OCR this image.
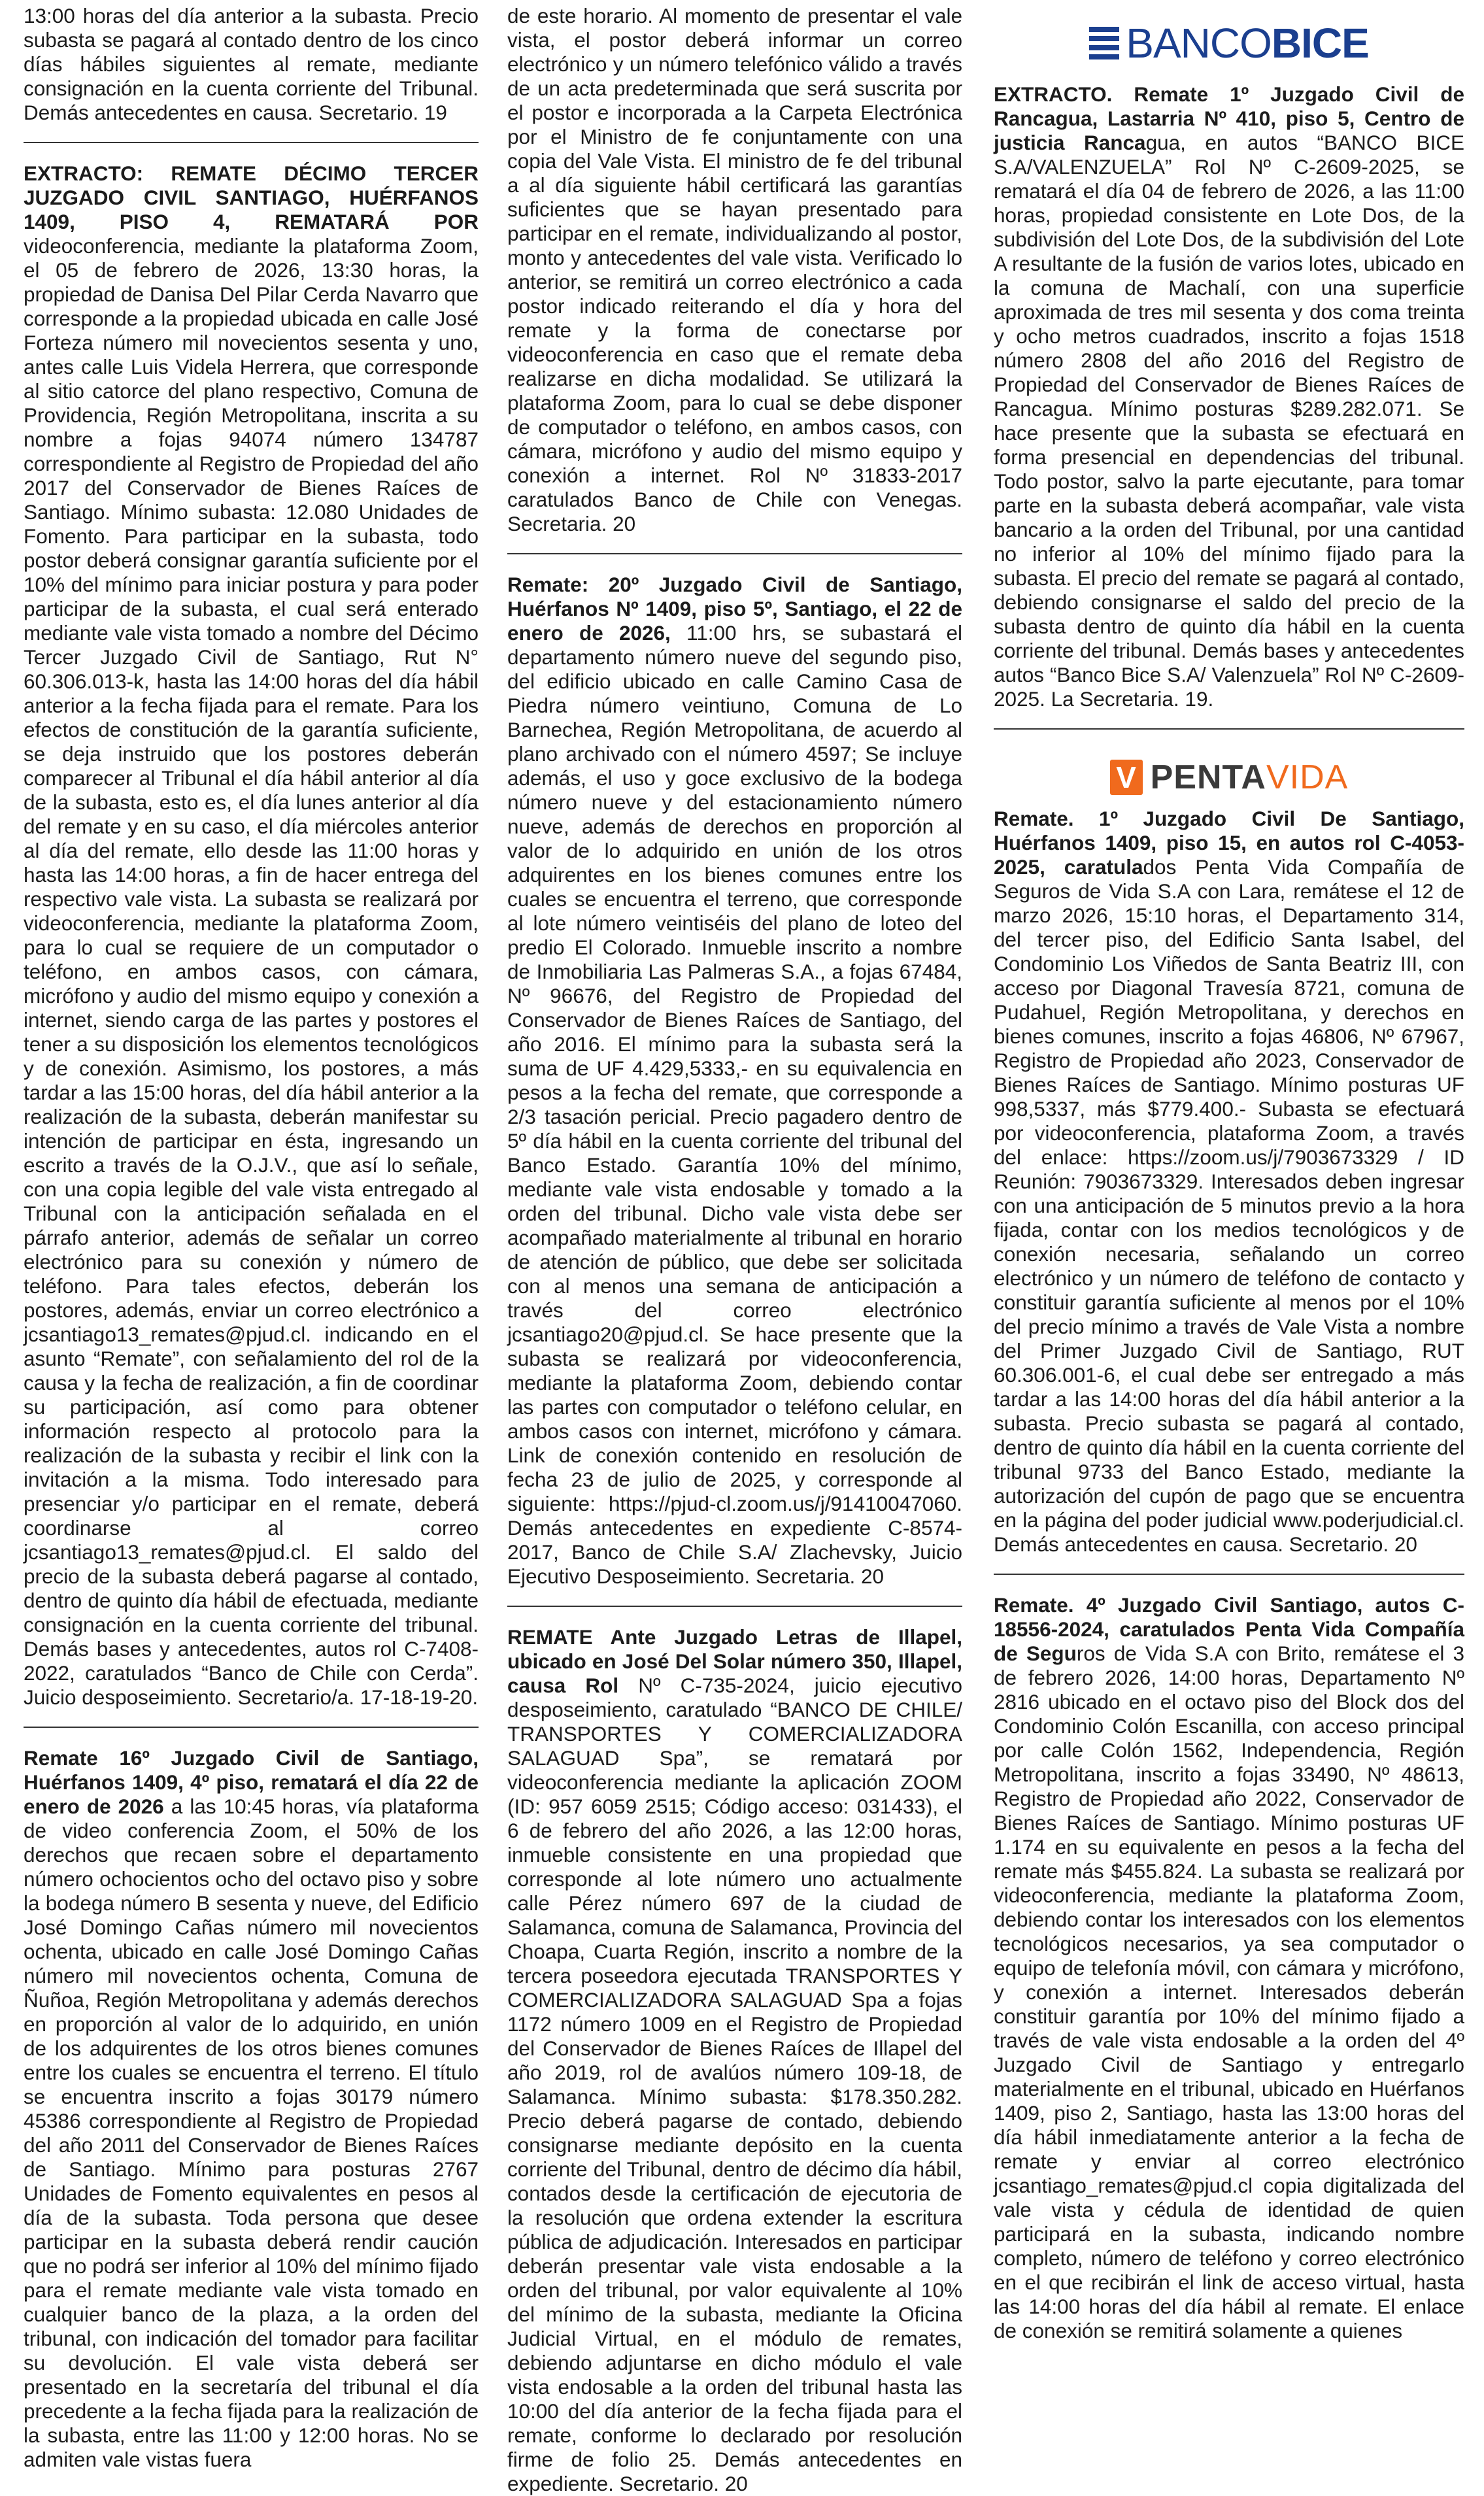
13:00 horas del día anterior a la subasta. Precio subasta se pagará al contado dentro de los cinco días hábiles siguientes al remate, mediante consignación en la cuenta corriente del Tribunal. Demás antecedentes en causa. Secretario. 19

EXTRACTO: REMATE DÉCIMO TERCER JUZGADO CIVIL SANTIAGO, HUÉRFANOS 1409, PISO 4, REMATARÁ POR videoconferencia, mediante la plataforma Zoom, el 05 de febrero de 2026, 13:30 horas, la propiedad de Danisa Del Pilar Cerda Navarro que corresponde a la propiedad ubicada en calle José Forteza número mil novecientos sesenta y uno, antes calle Luis Videla Herrera, que corresponde al sitio catorce del plano respectivo, Comuna de Providencia, Región Metropolitana, inscrita a su nombre a fojas 94074 número 134787 correspondiente al Registro de Propiedad del año 2017 del Conservador de Bienes Raíces de Santiago. Mínimo subasta: 12.080 Unidades de Fomento. Para participar en la subasta, todo postor deberá consignar garantía suficiente por el 10% del mínimo para iniciar postura y para poder participar de la subasta, el cual será enterado mediante vale vista tomado a nombre del Décimo Tercer Juzgado Civil de Santiago, Rut N° 60.306.013-k, hasta las 14:00 horas del día hábil anterior a la fecha fijada para el remate. Para los efectos de constitución de la garantía suficiente, se deja instruido que los postores deberán comparecer al Tribunal el día hábil anterior al día de la subasta, esto es, el día lunes anterior al día del remate y en su caso, el día miércoles anterior al día del remate, ello desde las 11:00 horas y hasta las 14:00 horas, a fin de hacer entrega del respectivo vale vista. La subasta se realizará por videoconferencia, mediante la plataforma Zoom, para lo cual se requiere de un computador o teléfono, en ambos casos, con cámara, micrófono y audio del mismo equipo y conexión a internet, siendo carga de las partes y postores el tener a su disposición los elementos tecnológicos y de conexión. Asimismo, los postores, a más tardar a las 15:00 horas, del día hábil anterior a la realización de la subasta, deberán manifestar su intención de participar en ésta, ingresando un escrito a través de la O.J.V., que así lo señale, con una copia legible del vale vista entregado al Tribunal con la anticipación señalada en el párrafo anterior, además de señalar un correo electrónico para su conexión y número de teléfono. Para tales efectos, deberán los postores, además, enviar un correo electrónico a jcsantiago13_remates@pjud.cl. indicando en el asunto “Remate”, con señalamiento del rol de la causa y la fecha de realización, a fin de coordinar su participación, así como para obtener información respecto al protocolo para la realización de la subasta y recibir el link con la invitación a la misma. Todo interesado para presenciar y/o participar en el remate, deberá coordinarse al correo jcsantiago13_remates@pjud.cl. El saldo del precio de la subasta deberá pagarse al contado, dentro de quinto día hábil de efectuada, mediante consignación en la cuenta corriente del tribunal. Demás bases y antecedentes, autos rol C-7408-2022, caratulados “Banco de Chile con Cerda”. Juicio desposeimiento. Secretario/a. 17-18-19-20.

Remate 16º Juzgado Civil de Santiago, Huérfanos 1409, 4º piso, rematará el día 22 de enero de 2026 a las 10:45 horas, vía plataforma de video conferencia Zoom, el 50% de los derechos que recaen sobre el departamento número ochocientos ocho del octavo piso y sobre la bodega número B sesenta y nueve, del Edificio José Domingo Cañas número mil novecientos ochenta, ubicado en calle José Domingo Cañas número mil novecientos ochenta, Comuna de Ñuñoa, Región Metropolitana y además derechos en proporción al valor de lo adquirido, en unión de los adquirentes de los otros bienes comunes entre los cuales se encuentra el terreno. El título se encuentra inscrito a fojas 30179 número 45386 correspondiente al Registro de Propiedad del año 2011 del Conservador de Bienes Raíces de Santiago. Mínimo para posturas 2767 Unidades de Fomento equivalentes en pesos al día de la subasta. Toda persona que desee participar en la subasta deberá rendir caución que no podrá ser inferior al 10% del mínimo fijado para el remate mediante vale vista tomado en cualquier banco de la plaza, a la orden del tribunal, con indicación del tomador para facilitar su devolución. El vale vista deberá ser presentado en la secretaría del tribunal el día precedente a la fecha fijada para la realización de la subasta, entre las 11:00 y 12:00 horas. No se admiten vale vistas fuera

de este horario. Al momento de presentar el vale vista, el postor deberá informar un correo electrónico y un número telefónico válido a través de un acta predeterminada que será suscrita por el postor e incorporada a la Carpeta Electrónica por el Ministro de fe conjuntamente con una copia del Vale Vista. El ministro de fe del tribunal a al día siguiente hábil certificará las garantías suficientes que se hayan presentado para participar en el remate, individualizando al postor, monto y antecedentes del vale vista. Verificado lo anterior, se remitirá un correo electrónico a cada postor indicado reiterando el día y hora del remate y la forma de conectarse por videoconferencia en caso que el remate deba realizarse en dicha modalidad. Se utilizará la plataforma Zoom, para lo cual se debe disponer de computador o teléfono, en ambos casos, con cámara, micrófono y audio del mismo equipo y conexión a internet. Rol Nº 31833-2017 caratulados Banco de Chile con Venegas. Secretaria. 20

Remate: 20º Juzgado Civil de Santiago, Huérfanos Nº 1409, piso 5º, Santiago, el 22 de enero de 2026, 11:00 hrs, se subastará el departamento número nueve del segundo piso, del edificio ubicado en calle Camino Casa de Piedra número veintiuno, Comuna de Lo Barnechea, Región Metropolitana, de acuerdo al plano archivado con el número 4597; Se incluye además, el uso y goce exclusivo de la bodega número nueve y del estacionamiento número nueve, además de derechos en proporción al valor de lo adquirido en unión de los otros adquirentes en los bienes comunes entre los cuales se encuentra el terreno, que corresponde al lote número veintiséis del plano de loteo del predio El Colorado. Inmueble inscrito a nombre de Inmobiliaria Las Palmeras S.A., a fojas 67484, Nº 96676, del Registro de Propiedad del Conservador de Bienes Raíces de Santiago, del año 2016. El mínimo para la subasta será la suma de UF 4.429,5333,- en su equivalencia en pesos a la fecha del remate, que corresponde a 2/3 tasación pericial. Precio pagadero dentro de 5º día hábil en la cuenta corriente del tribunal del Banco Estado. Garantía 10% del mínimo, mediante vale vista endosable y tomado a la orden del tribunal. Dicho vale vista debe ser acompañado materialmente al tribunal en horario de atención de público, que debe ser solicitada con al menos una semana de anticipación a través del correo electrónico jcsantiago20@pjud.cl. Se hace presente que la subasta se realizará por videoconferencia, mediante la plataforma Zoom, debiendo contar las partes con computador o teléfono celular, en ambos casos con internet, micrófono y cámara. Link de conexión contenido en resolución de fecha 23 de julio de 2025, y corresponde al siguiente: https://pjud-cl.zoom.us/j/91410047060. Demás antecedentes en expediente C-8574-2017, Banco de Chile S.A/ Zlachevsky, Juicio Ejecutivo Desposeimiento. Secretaria. 20

REMATE Ante Juzgado Letras de Illapel, ubicado en José Del Solar número 350, Illapel, causa Rol Nº C-735-2024, juicio ejecutivo desposeimiento, caratulado “BANCO DE CHILE/ TRANSPORTES Y COMERCIALIZADORA SALAGUAD Spa”, se rematará por videoconferencia mediante la aplicación ZOOM (ID: 957 6059 2515; Código acceso: 031433), el 6 de febrero del año 2026, a las 12:00 horas, inmueble consistente en una propiedad que corresponde al lote número uno actualmente calle Pérez número 697 de la ciudad de Salamanca, comuna de Salamanca, Provincia del Choapa, Cuarta Región, inscrito a nombre de la tercera poseedora ejecutada TRANSPORTES Y COMERCIALIZADORA SALAGUAD Spa a fojas 1172 número 1009 en el Registro de Propiedad del Conservador de Bienes Raíces de Illapel del año 2019, rol de avalúos número 109-18, de Salamanca. Mínimo subasta: $178.350.282. Precio deberá pagarse de contado, debiendo consignarse mediante depósito en la cuenta corriente del Tribunal, dentro de décimo día hábil, contados desde la certificación de ejecutoria de la resolución que ordena extender la escritura pública de adjudicación. Interesados en participar deberán presentar vale vista endosable a la orden del tribunal, por valor equivalente al 10% del mínimo de la subasta, mediante la Oficina Judicial Virtual, en el módulo de remates, debiendo adjuntarse en dicho módulo el vale vista endosable a la orden del tribunal hasta las 10:00 del día anterior de la fecha fijada para el remate, conforme lo declarado por resolución firme de folio 25. Demás antecedentes en expediente. Secretario. 20

BANCOBICE

EXTRACTO. Remate 1º Juzgado Civil de Rancagua, Lastarria Nº 410, piso 5, Centro de justicia Rancagua, en autos “BANCO BICE S.A/VALENZUELA” Rol Nº C-2609-2025, se rematará el día 04 de febrero de 2026, a las 11:00 horas, propiedad consistente en Lote Dos, de la subdivisión del Lote Dos, de la subdivisión del Lote A resultante de la fusión de varios lotes, ubicado en la comuna de Machalí, con una superficie aproximada de tres mil sesenta y dos coma treinta y ocho metros cuadrados, inscrito a fojas 1518 número 2808 del año 2016 del Registro de Propiedad del Conservador de Bienes Raíces de Rancagua. Mínimo posturas $289.282.071. Se hace presente que la subasta se efectuará en forma presencial en dependencias del tribunal. Todo postor, salvo la parte ejecutante, para tomar parte en la subasta deberá acompañar, vale vista bancario a la orden del Tribunal, por una cantidad no inferior al 10% del mínimo fijado para la subasta. El precio del remate se pagará al contado, debiendo consignarse el saldo del precio de la subasta dentro de quinto día hábil en la cuenta corriente del tribunal. Demás bases y antecedentes autos “Banco Bice S.A/ Valenzuela” Rol Nº C-2609-2025. La Secretaria. 19.

V PENTAVIDA

Remate. 1º Juzgado Civil De Santiago, Huérfanos 1409, piso 15, en autos rol C-4053-2025, caratulados Penta Vida Compañía de Seguros de Vida S.A con Lara, remátese el 12 de marzo 2026, 15:10 horas, el Departamento 314, del tercer piso, del Edificio Santa Isabel, del Condominio Los Viñedos de Santa Beatriz III, con acceso por Diagonal Travesía 8721, comuna de Pudahuel, Región Metropolitana, y derechos en bienes comunes, inscrito a fojas 46806, Nº 67967, Registro de Propiedad año 2023, Conservador de Bienes Raíces de Santiago. Mínimo posturas UF 998,5337, más $779.400.- Subasta se efectuará por videoconferencia, plataforma Zoom, a través del enlace: https://zoom.us/j/7903673329 / ID Reunión: 7903673329. Interesados deben ingresar con una anticipación de 5 minutos previo a la hora fijada, contar con los medios tecnológicos y de conexión necesaria, señalando un correo electrónico y un número de teléfono de contacto y constituir garantía suficiente al menos por el 10% del precio mínimo a través de Vale Vista a nombre del Primer Juzgado Civil de Santiago, RUT 60.306.001-6, el cual debe ser entregado a más tardar a las 14:00 horas del día hábil anterior a la subasta. Precio subasta se pagará al contado, dentro de quinto día hábil en la cuenta corriente del tribunal 9733 del Banco Estado, mediante la autorización del cupón de pago que se encuentra en la página del poder judicial www.poderjudicial.cl. Demás antecedentes en causa. Secretario. 20

Remate. 4º Juzgado Civil Santiago, autos C-18556-2024, caratulados Penta Vida Compañía de Seguros de Vida S.A con Brito, remátese el 3 de febrero 2026, 14:00 horas, Departamento Nº 2816 ubicado en el octavo piso del Block dos del Condominio Colón Escanilla, con acceso principal por calle Colón 1562, Independencia, Región Metropolitana, inscrito a fojas 33490, Nº 48613, Registro de Propiedad año 2022, Conservador de Bienes Raíces de Santiago. Mínimo posturas UF 1.174 en su equivalente en pesos a la fecha del remate más $455.824. La subasta se realizará por videoconferencia, mediante la plataforma Zoom, debiendo contar los interesados con los elementos tecnológicos necesarios, ya sea computador o equipo de telefonía móvil, con cámara y micrófono, y conexión a internet. Interesados deberán constituir garantía por 10% del mínimo fijado a través de vale vista endosable a la orden del 4º Juzgado Civil de Santiago y entregarlo materialmente en el tribunal, ubicado en Huérfanos 1409, piso 2, Santiago, hasta las 13:00 horas del día hábil inmediatamente anterior a la fecha de remate y enviar al correo electrónico jcsantiago_remates@pjud.cl copia digitalizada del vale vista y cédula de identidad de quien participará en la subasta, indicando nombre completo, número de teléfono y correo electrónico en el que recibirán el link de acceso virtual, hasta las 14:00 horas del día hábil al remate. El enlace de conexión se remitirá solamente a quienes
